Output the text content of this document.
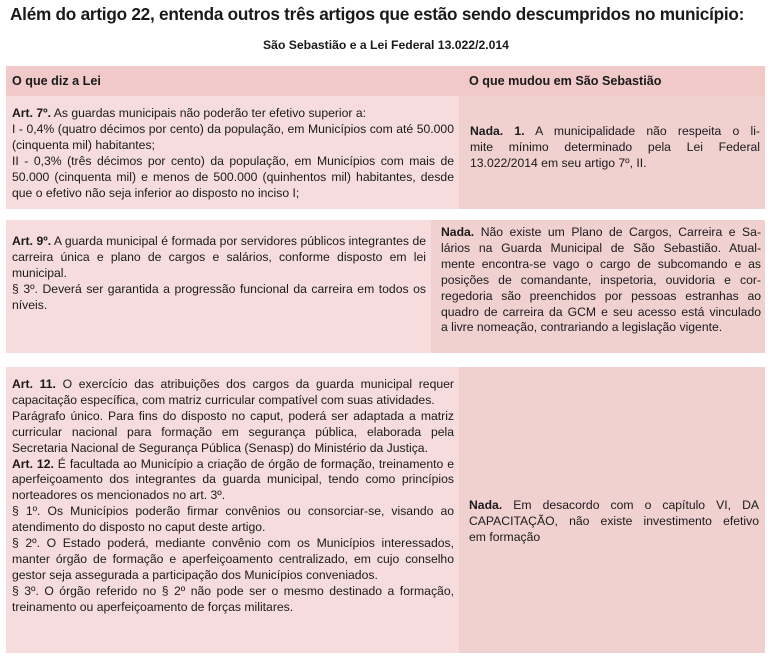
Além do artigo 22, entenda outros três artigos que estão sendo descumpridos no município:
São Sebastião e a Lei Federal 13.022/2.014
O que diz a Lei	O que mudou em São Sebastião

Art. 7º. As guardas municipais não poderão ter efetivo superior a:

I - 0,4% (quatro décimos por cento) da população, em Municípios com até 50.000 (cinquenta mil) habitantes;

II - 0,3% (três décimos por cento) da população, em Municípios com mais de 50.000 (cinquenta mil) e menos de 500.000 (quinhentos mil) habitantes, desde que o efetivo não seja inferior ao disposto no inciso I;

Nada. 1. A municipalidade não respeita o li-
mite mínimo determinado pela Lei Federal
13.022/2014 em seu artigo 7º, II.

Art. 9º. A guarda municipal é formada por servidores públicos integrantes de carreira única e plano de cargos e salários, conforme disposto em lei municipal.

§ 3º. Deverá ser garantida a progressão funcional da carreira em todos os níveis.

Nada. Não existe um Plano de Cargos, Carreira e Sa-
lários na Guarda Municipal de São Sebastião. Atual-
mente encontra-se vago o cargo de subcomando e as
posições de comandante, inspetoria, ouvidoria e cor-
regedoria são preenchidos por pessoas estranhas ao
quadro de carreira da GCM e seu acesso está vinculado
a livre nomeação, contrariando a legislação vigente.

Art. 11. O exercício das atribuições dos cargos da guarda municipal requer capacitação específica, com matriz curricular compatível com suas atividades.

Parágrafo único. Para fins do disposto no caput, poderá ser adaptada a matriz curricular nacional para formação em segurança pública, elaborada pela Secretaria Nacional de Segurança Pública (Senasp) do Ministério da Justiça.

Art. 12. É facultada ao Município a criação de órgão de formação, treinamento e aperfeiçoamento dos integrantes da guarda municipal, tendo como princípios norteadores os mencionados no art. 3º.

§ 1º. Os Municípios poderão firmar convênios ou consorciar-se, visando ao atendimento do disposto no caput deste artigo.

§ 2º. O Estado poderá, mediante convênio com os Municípios interessados, manter órgão de formação e aperfeiçoamento centralizado, em cujo conselho gestor seja assegurada a participação dos Municípios conveniados.

§ 3º. O órgão referido no § 2º não pode ser o mesmo destinado a formação, treinamento ou aperfeiçoamento de forças militares.

Nada. Em desacordo com o capítulo VI, DA
CAPACITAÇÃO, não existe investimento efetivo
em formação
